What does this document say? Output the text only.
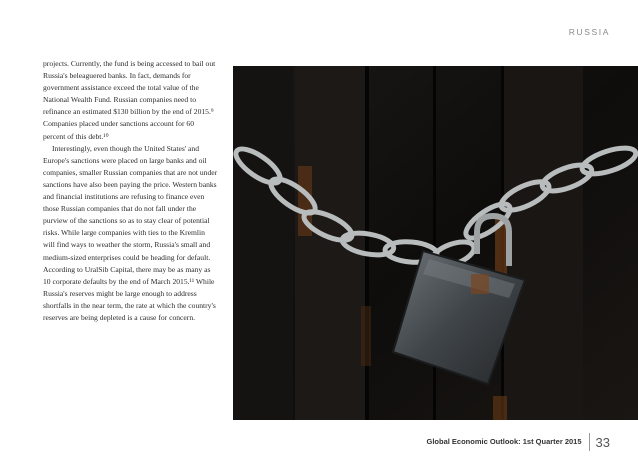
RUSSIA

projects. Currently, the fund is being accessed to bail out Russia's beleaguered banks. In fact, demands for government assistance exceed the total value of the National Wealth Fund. Russian companies need to refinance an estimated $130 billion by the end of 2015.⁹ Companies placed under sanctions account for 60 percent of this debt.¹⁰

Interestingly, even though the United States' and Europe's sanctions were placed on large banks and oil companies, smaller Russian companies that are not under sanctions have also been paying the price. Western banks and financial institutions are refusing to finance even those Russian companies that do not fall under the purview of the sanctions so as to stay clear of potential risks. While large companies with ties to the Kremlin will find ways to weather the storm, Russia's small and medium-sized enterprises could be heading for default. According to UralSib Capital, there may be as many as 10 corporate defaults by the end of March 2015.¹¹ While Russia's reserves might be large enough to address shortfalls in the near term, the rate at which the country's reserves are being depleted is a cause for concern.

Global Economic Outlook: 1st Quarter 2015	33
